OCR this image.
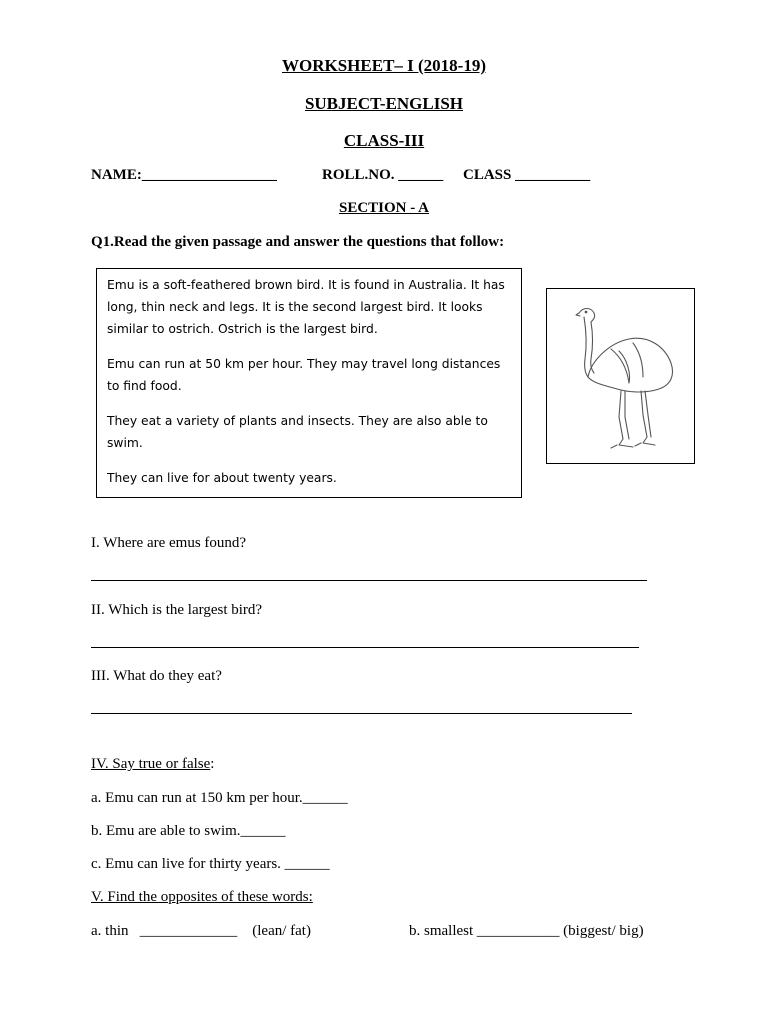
WORKSHEET– I (2018-19)
SUBJECT-ENGLISH
CLASS-III
NAME:__________________	ROLL.NO. ______ CLASS __________
SECTION - A
Q1.Read the given passage and answer the questions that follow:

Emu is a soft-feathered brown bird. It is found in Australia. It has long, thin neck and legs. It is the second largest bird. It looks similar to ostrich. Ostrich is the largest bird.

Emu can run at 50 km per hour. They may travel long distances to find food.

They eat a variety of plants and insects. They are also able to swim.

They can live for about twenty years.

I. Where are emus found?
II. Which is the largest bird?
III. What do they eat?
IV. Say true or false:
a. Emu can run at 150 km per hour.______
b. Emu are able to swim.______
c. Emu can live for thirty years. ______
V. Find the opposites of these words:
a. thin   _____________    (lean/ fat)	b. smallest ___________ (biggest/ big)
